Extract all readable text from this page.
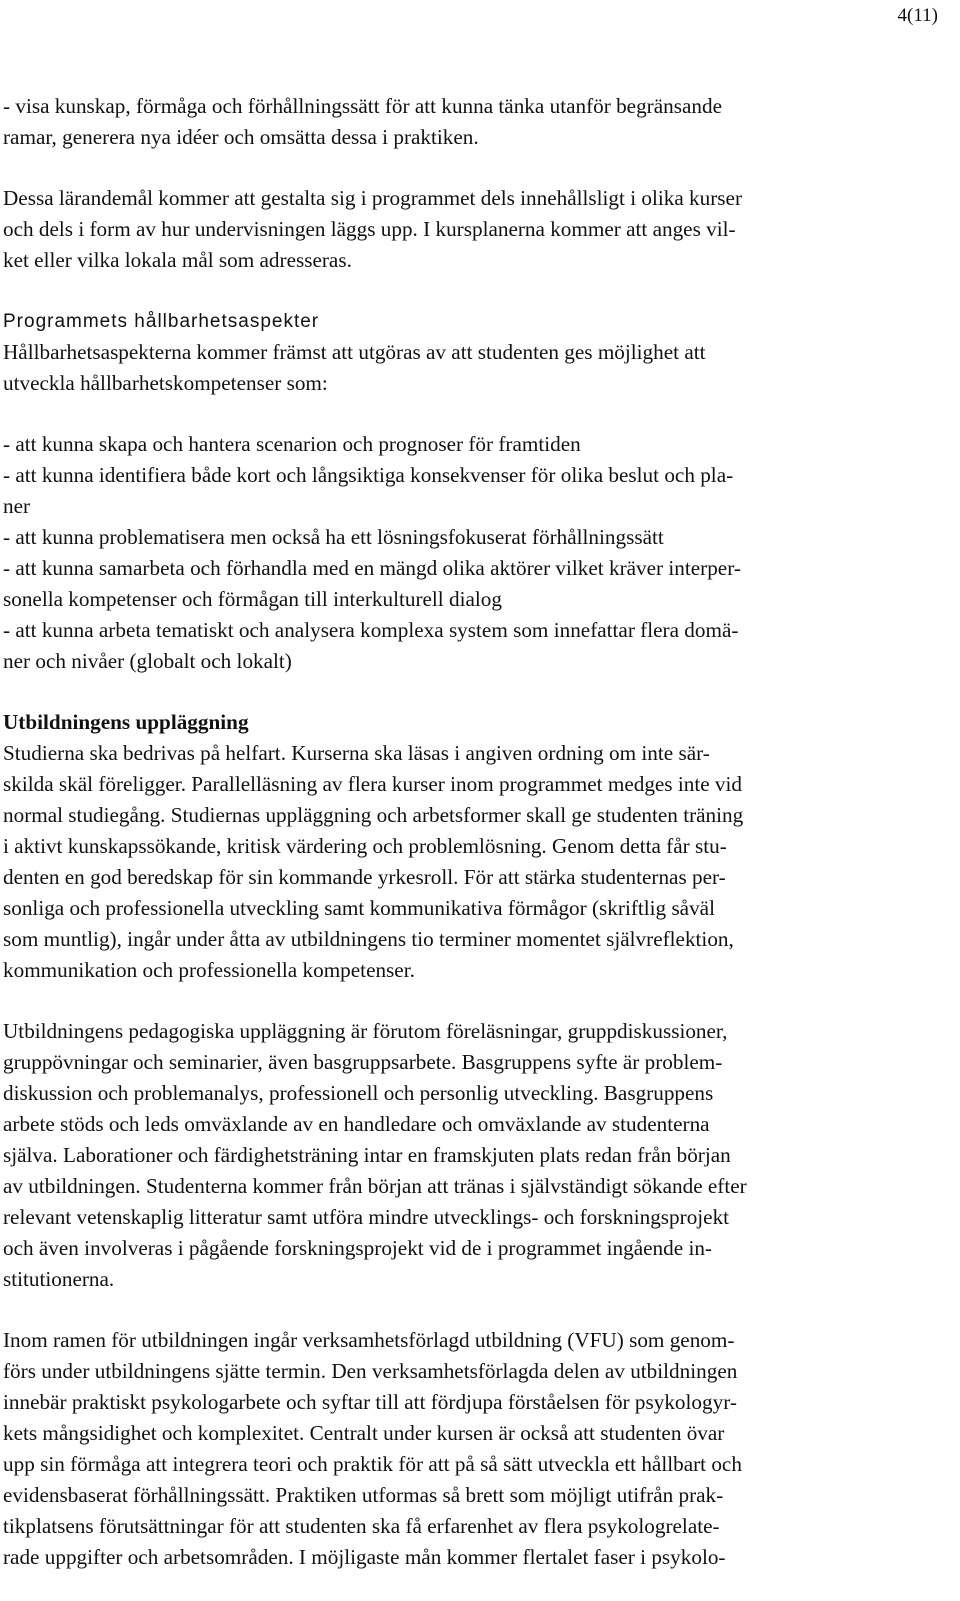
4(11)

- visa kunskap, förmåga och förhållningssätt för att kunna tänka utanför begränsande
ramar, generera nya idéer och omsätta dessa i praktiken.

Dessa lärandemål kommer att gestalta sig i programmet dels innehållsligt i olika kurser
och dels i form av hur undervisningen läggs upp. I kursplanerna kommer att anges vil-
ket eller vilka lokala mål som adresseras.

Programmets hållbarhetsaspekter

Hållbarhetsaspekterna kommer främst att utgöras av att studenten ges möjlighet att
utveckla hållbarhetskompetenser som:

- att kunna skapa och hantera scenarion och prognoser för framtiden
- att kunna identifiera både kort och långsiktiga konsekvenser för olika beslut och pla-
ner
- att kunna problematisera men också ha ett lösningsfokuserat förhållningssätt
- att kunna samarbeta och förhandla med en mängd olika aktörer vilket kräver interper-
sonella kompetenser och förmågan till interkulturell dialog
- att kunna arbeta tematiskt och analysera komplexa system som innefattar flera domä-
ner och nivåer (globalt och lokalt)
Utbildningens uppläggning

Studierna ska bedrivas på helfart. Kurserna ska läsas i angiven ordning om inte sär-
skilda skäl föreligger. Parallelläsning av flera kurser inom programmet medges inte vid
normal studiegång. Studiernas uppläggning och arbetsformer skall ge studenten träning
i aktivt kunskapssökande, kritisk värdering och problemlösning. Genom detta får stu-
denten en god beredskap för sin kommande yrkesroll. För att stärka studenternas per-
sonliga och professionella utveckling samt kommunikativa förmågor (skriftlig såväl
som muntlig), ingår under åtta av utbildningens tio terminer momentet självreflektion,
kommunikation och professionella kompetenser.

Utbildningens pedagogiska uppläggning är förutom föreläsningar, gruppdiskussioner,
gruppövningar och seminarier, även basgruppsarbete. Basgruppens syfte är problem-
diskussion och problemanalys, professionell och personlig utveckling. Basgruppens
arbete stöds och leds omväxlande av en handledare och omväxlande av studenterna
själva. Laborationer och färdighetsträning intar en framskjuten plats redan från början
av utbildningen. Studenterna kommer från början att tränas i självständigt sökande efter
relevant vetenskaplig litteratur samt utföra mindre utvecklings- och forskningsprojekt
och även involveras i pågående forskningsprojekt vid de i programmet ingående in-
stitutionerna.

Inom ramen för utbildningen ingår verksamhetsförlagd utbildning (VFU) som genom-
förs under utbildningens sjätte termin. Den verksamhetsförlagda delen av utbildningen
innebär praktiskt psykologarbete och syftar till att fördjupa förståelsen för psykologyr-
kets mångsidighet och komplexitet. Centralt under kursen är också att studenten övar
upp sin förmåga att integrera teori och praktik för att på så sätt utveckla ett hållbart och
evidensbaserat förhållningssätt. Praktiken utformas så brett som möjligt utifrån prak-
tikplatsens förutsättningar för att studenten ska få erfarenhet av flera psykologrelate-
rade uppgifter och arbetsområden. I möjligaste mån kommer flertalet faser i psykolo-
